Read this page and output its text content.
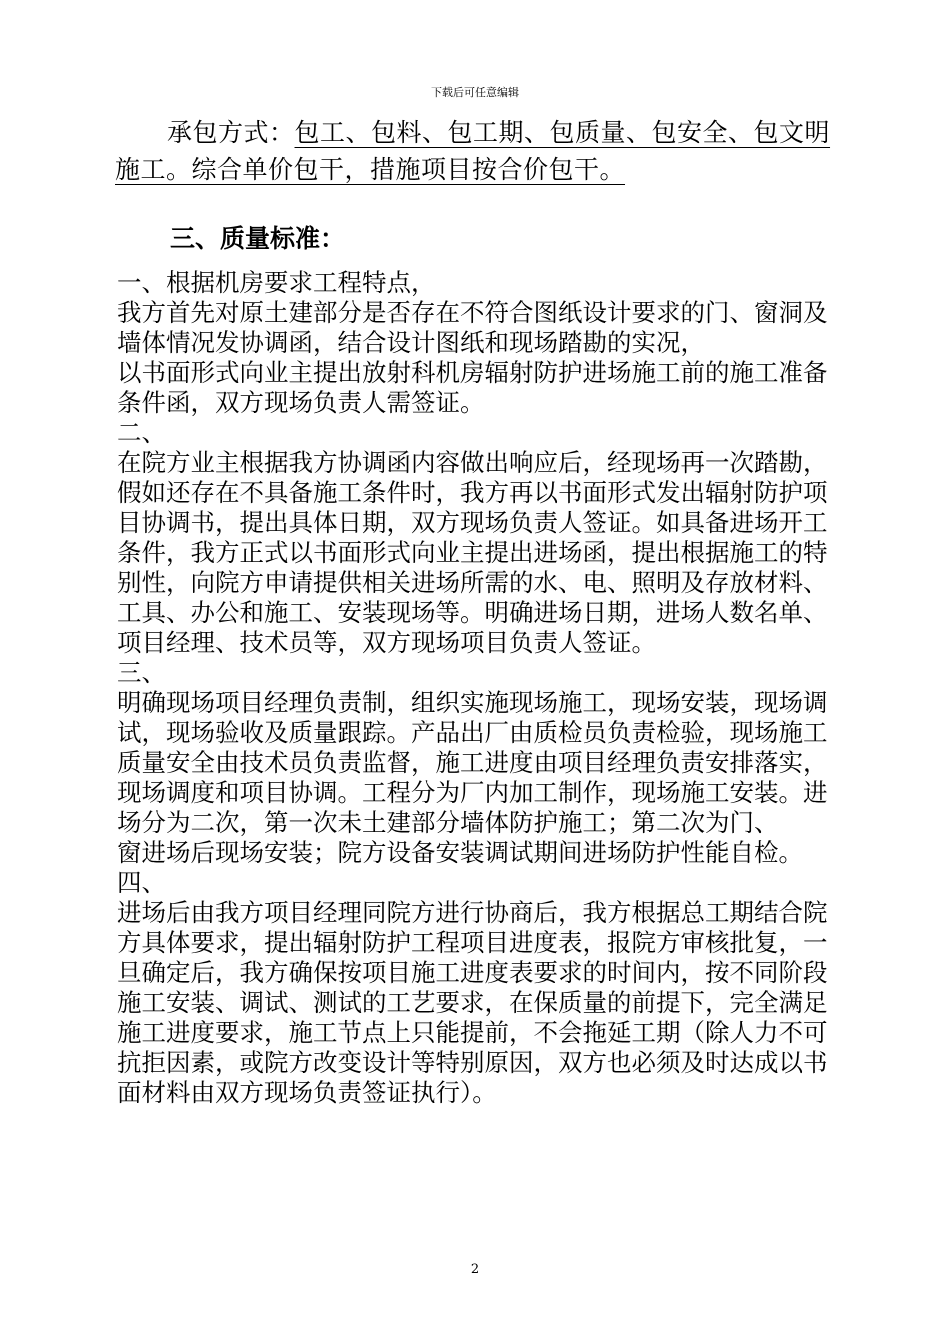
下载后可任意编辑
承包方式：包工、包料、包工期、包质量、包安全、包文明施工。综合单价包干，措施项目按合价包干。
三、质量标准：

一、根据机房要求工程特点，

我方首先对原土建部分是否存在不符合图纸设计要求的门、窗洞及墙体情况发协调函，结合设计图纸和现场踏勘的实况，

以书面形式向业主提出放射科机房辐射防护进场施工前的施工准备条件函，双方现场负责人需签证。

二、

在院方业主根据我方协调函内容做出响应后，经现场再一次踏勘，假如还存在不具备施工条件时，我方再以书面形式发出辐射防护项目协调书，提出具体日期，双方现场负责人签证。如具备进场开工条件，我方正式以书面形式向业主提出进场函，提出根据施工的特别性，向院方申请提供相关进场所需的水、电、照明及存放材料、工具、办公和施工、安装现场等。明确进场日期，进场人数名单、项目经理、技术员等，双方现场项目负责人签证。

三、

明确现场项目经理负责制，组织实施现场施工，现场安装，现场调试，现场验收及质量跟踪。产品出厂由质检员负责检验，现场施工质量安全由技术员负责监督，施工进度由项目经理负责安排落实，现场调度和项目协调。工程分为厂内加工制作，现场施工安装。进场分为二次，第一次未土建部分墙体防护施工；第二次为门、

窗进场后现场安装；院方设备安装调试期间进场防护性能自检。

四、

进场后由我方项目经理同院方进行协商后，我方根据总工期结合院方具体要求，提出辐射防护工程项目进度表，报院方审核批复，一旦确定后，我方确保按项目施工进度表要求的时间内，按不同阶段施工安装、调试、测试的工艺要求，在保质量的前提下，完全满足施工进度要求，施工节点上只能提前，不会拖延工期（除人力不可抗拒因素，或院方改变设计等特别原因，双方也必须及时达成以书面材料由双方现场负责签证执行）。

2
